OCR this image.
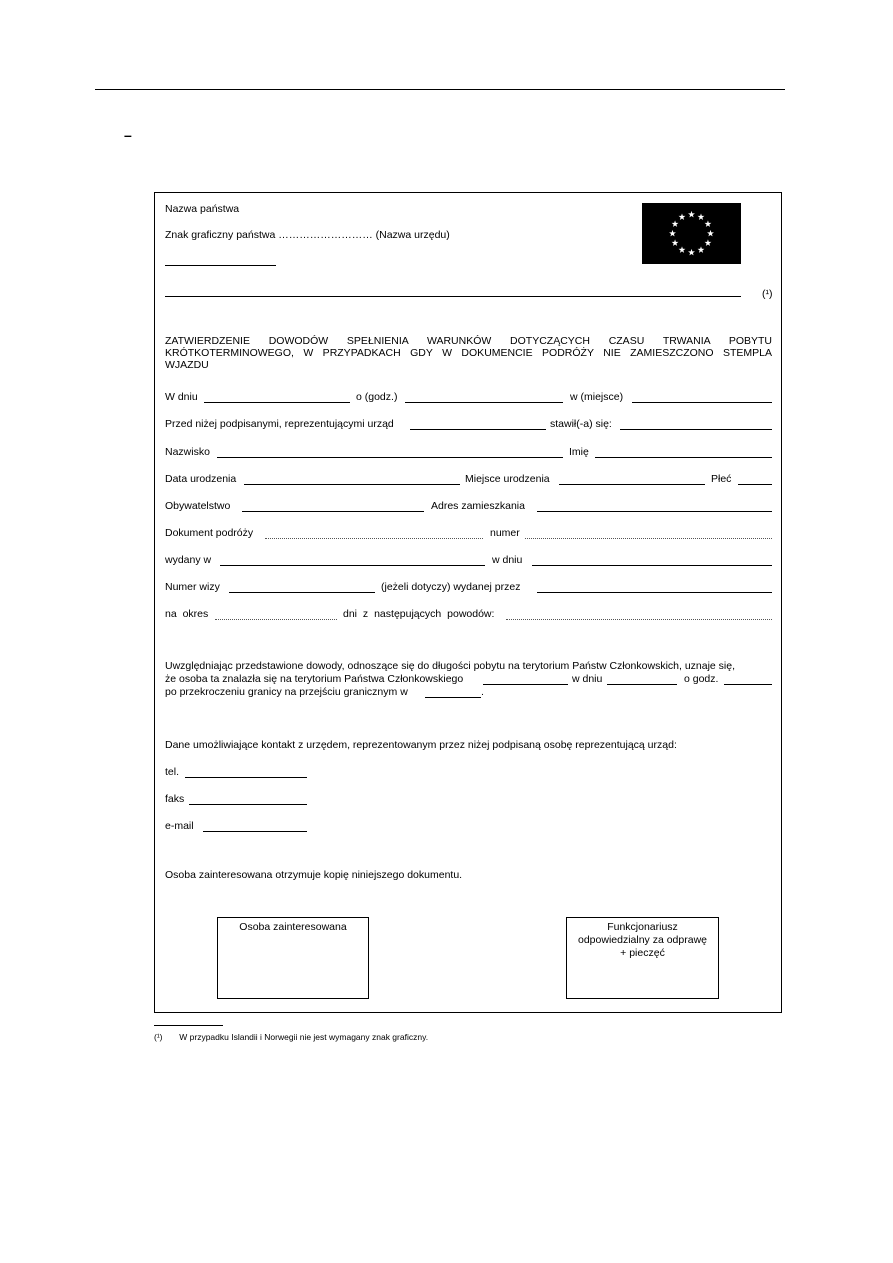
–
Nazwa państwa
Znak graficzny państwa ……………………… (Nazwa urzędu)
(¹)
ZATWIERDZENIE DOWODÓW SPEŁNIENIA WARUNKÓW DOTYCZĄCYCH CZASU TRWANIA POBYTU
KRÓTKOTERMINOWEGO, W PRZYPADKACH GDY W DOKUMENCIE PODRÓŻY NIE ZAMIESZCZONO STEMPLA
WJAZDU
W dniu	o (godz.)	w (miejsce)
Przed niżej podpisanymi, reprezentującymi urząd	stawił(-a) się:
Nazwisko	Imię
Data urodzenia	Miejsce urodzenia	Płeć
Obywatelstwo	Adres zamieszkania
Dokument podróży	numer
wydany w	w dniu
Numer wizy	(jeżeli dotyczy) wydanej przez
na okres	dni z następujących powodów:
Uwzględniając przedstawione dowody, odnoszące się do długości pobytu na terytorium Państw Członkowskich, uznaje się,
że osoba ta znalazła się na terytorium Państwa Członkowskiego	w dniu	o godz.
po przekroczeniu granicy na przejściu granicznym w	.
Dane umożliwiające kontakt z urzędem, reprezentowanym przez niżej podpisaną osobę reprezentującą urząd:
tel.
faks
e-mail
Osoba zainteresowana otrzymuje kopię niniejszego dokumentu.
Osoba zainteresowana	Funkcjonariusz
odpowiedzialny za odprawę
+ pieczęć
(¹) W przypadku Islandii i Norwegii nie jest wymagany znak graficzny.
